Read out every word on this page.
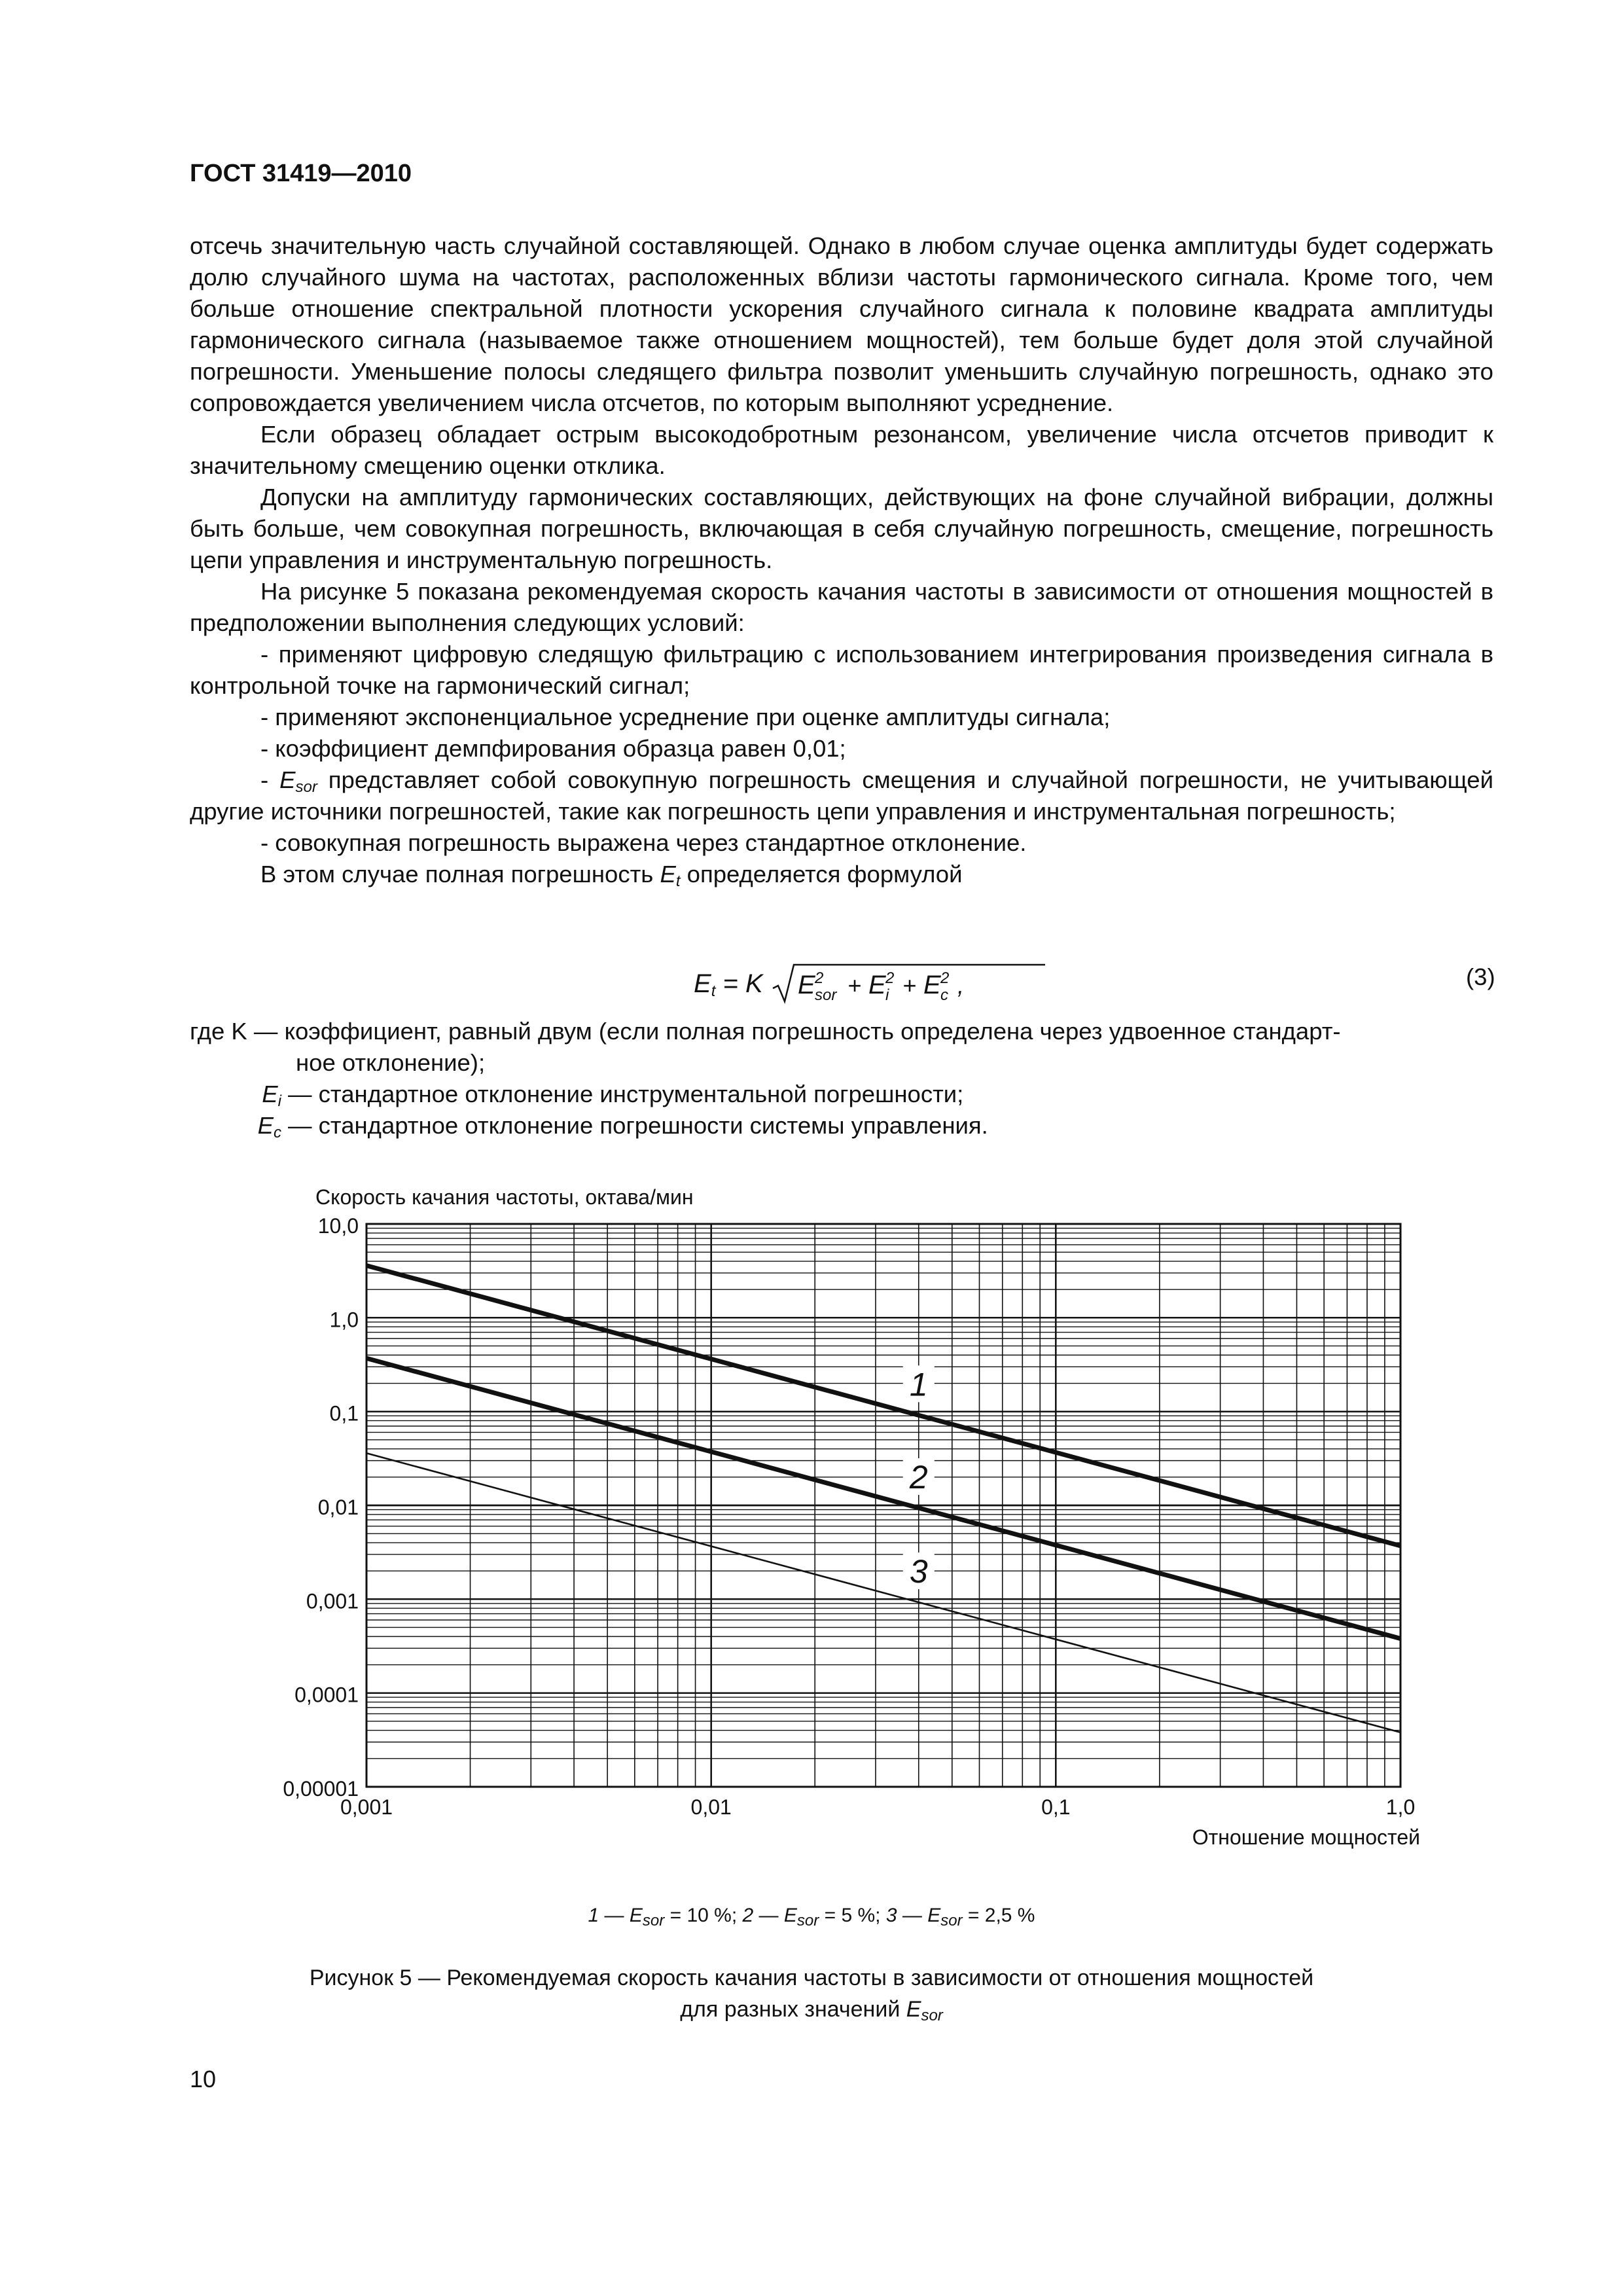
ГОСТ 31419—2010

отсечь значительную часть случайной составляющей. Однако в любом случае оценка амплитуды будет содержать долю случайного шума на частотах, расположенных вблизи частоты гармонического сигнала. Кроме того, чем больше отношение спектральной плотности ускорения случайного сигнала к половине квадрата амплитуды гармонического сигнала (называемое также отношением мощностей), тем больше будет доля этой случайной погрешности. Уменьшение полосы следящего фильтра позволит уменьшить случайную погрешность, однако это сопровождается увеличением числа отсчетов, по которым выполняют усреднение.

Если образец обладает острым высокодобротным резонансом, увеличение числа отсчетов приводит к значительному смещению оценки отклика.

Допуски на амплитуду гармонических составляющих, действующих на фоне случайной вибрации, должны быть больше, чем совокупная погрешность, включающая в себя случайную погрешность, смещение, погрешность цепи управления и инструментальную погрешность.

На рисунке 5 показана рекомендуемая скорость качания частоты в зависимости от отношения мощностей в предположении выполнения следующих условий:

- применяют цифровую следящую фильтрацию с использованием интегрирования произведения сигнала в контрольной точке на гармонический сигнал;

- применяют экспоненциальное усреднение при оценке амплитуды сигнала;

- коэффициент демпфирования образца равен 0,01;

- $E_{sor}$ представляет собой совокупную погрешность смещения и случайной погрешности, не учитывающей другие источники погрешностей, такие как погрешность цепи управления и инструментальная погрешность;

- совокупная погрешность выражена через стандартное отклонение.

В этом случае полная погрешность $E_t$ определяется формулой

$E_t = K$ E 2
sor + E 2
i + E 2
c ,	(3)
где K — коэффициент, равный двум (если полная погрешность определена через удвоенное стандарт-
ное отклонение);
$E_i$ — стандартное отклонение инструментальной погрешности;
$E_c$ — стандартное отклонение погрешности системы управления.
1
2
3
10,0
1,0
0,1
0,01
0,001
0,0001
0,00001
0,001	0,01	0,1	1,0
Скорость качания частоты, октава/мин
Отношение мощностей
1 — $E_{sor} = 10$ %; 2 — $E_{sor} = 5$ %; 3 — $E_{sor} = 2,5$ %
Рисунок 5 — Рекомендуемая скорость качания частоты в зависимости от отношения мощностей
для разных значений $E_{sor}$
10
